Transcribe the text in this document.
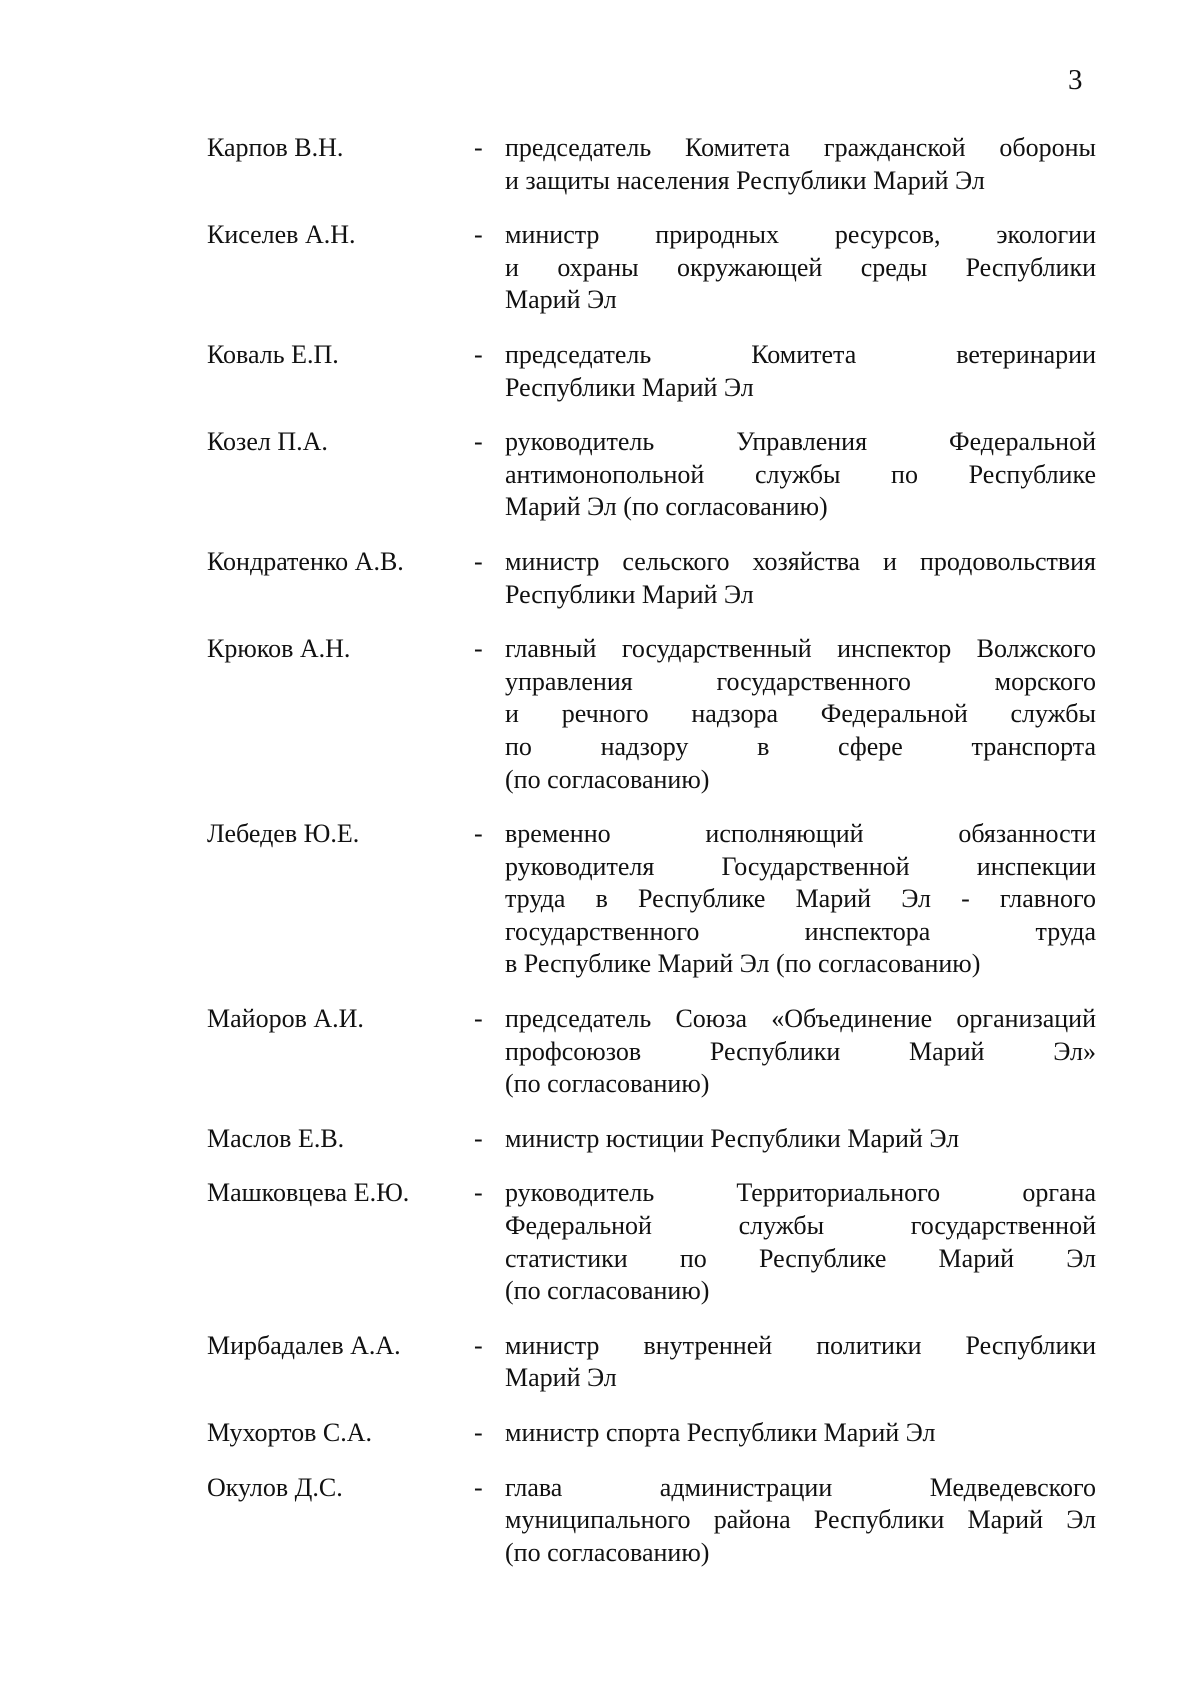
3
Карпов В.Н.	- председатель Комитета гражданской обороны
и защиты населения Республики Марий Эл
Киселев А.Н.	- министр природных ресурсов, экологии
и охраны окружающей среды Республики
Марий Эл
Коваль Е.П.	- председатель Комитета ветеринарии
Республики Марий Эл
Козел П.А.	- руководитель Управления Федеральной
антимонопольной службы по Республике
Марий Эл (по согласованию)
Кондратенко А.В.	- министр сельского хозяйства и продовольствия
Республики Марий Эл
Крюков А.Н.	- главный государственный инспектор Волжского
управления государственного морского
и речного надзора Федеральной службы
по надзору в сфере транспорта
(по согласованию)
Лебедев Ю.Е.	- временно исполняющий обязанности
руководителя Государственной инспекции
труда в Республике Марий Эл - главного
государственного инспектора труда
в Республике Марий Эл (по согласованию)
Майоров А.И.	- председатель Союза «Объединение организаций
профсоюзов Республики Марий Эл»
(по согласованию)
Маслов Е.В.	- министр юстиции Республики Марий Эл
Машковцева Е.Ю. - руководитель Территориального органа
Федеральной службы государственной
статистики по Республике Марий Эл
(по согласованию)
Мирбадалев А.А.	- министр внутренней политики Республики
Марий Эл
Мухортов С.А.	- министр спорта Республики Марий Эл
Окулов Д.С.	- глава администрации Медведевского
муниципального района Республики Марий Эл
(по согласованию)
